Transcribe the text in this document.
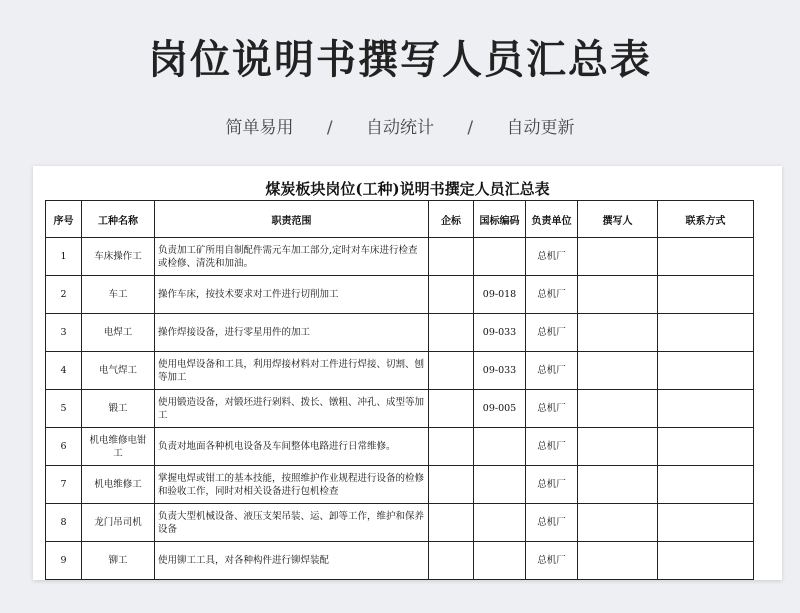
岗位说明书撰写人员汇总表
简单易用 / 自动统计 / 自动更新
煤炭板块岗位(工种)说明书撰定人员汇总表
序号	工种名称	职责范围	企标	国标编码	负责单位	撰写人	联系方式
1	车床操作工	负责加工矿所用自制配件需元车加工部分,定时对车床进行检查或检修、清洗和加油。			总机厂		
2	车工	操作车床，按技术要求对工件进行切削加工		09-018	总机厂		
3	电焊工	操作焊接设备，进行零星用件的加工		09-033	总机厂		
4	电气焊工	使用电焊设备和工具，利用焊接材料对工件进行焊接、切割、刨等加工		09-033	总机厂		
5	锻工	使用锻造设备，对锻坯进行剁料、拨长、镦粗、冲孔、成型等加工		09-005	总机厂		
6	机电维修电钳工	负责对地面各种机电设备及车间整体电路进行日常维修。			总机厂		
7	机电维修工	掌握电焊或钳工的基本技能，按照维护作业规程进行设备的检修和验收工作，同时对相关设备进行包机检查			总机厂		
8	龙门吊司机	负责大型机械设备、液压支架吊装、运、卸等工作，维护和保养设备			总机厂		
9	铆工	使用铆工工具，对各种构件进行铆焊装配			总机厂		
